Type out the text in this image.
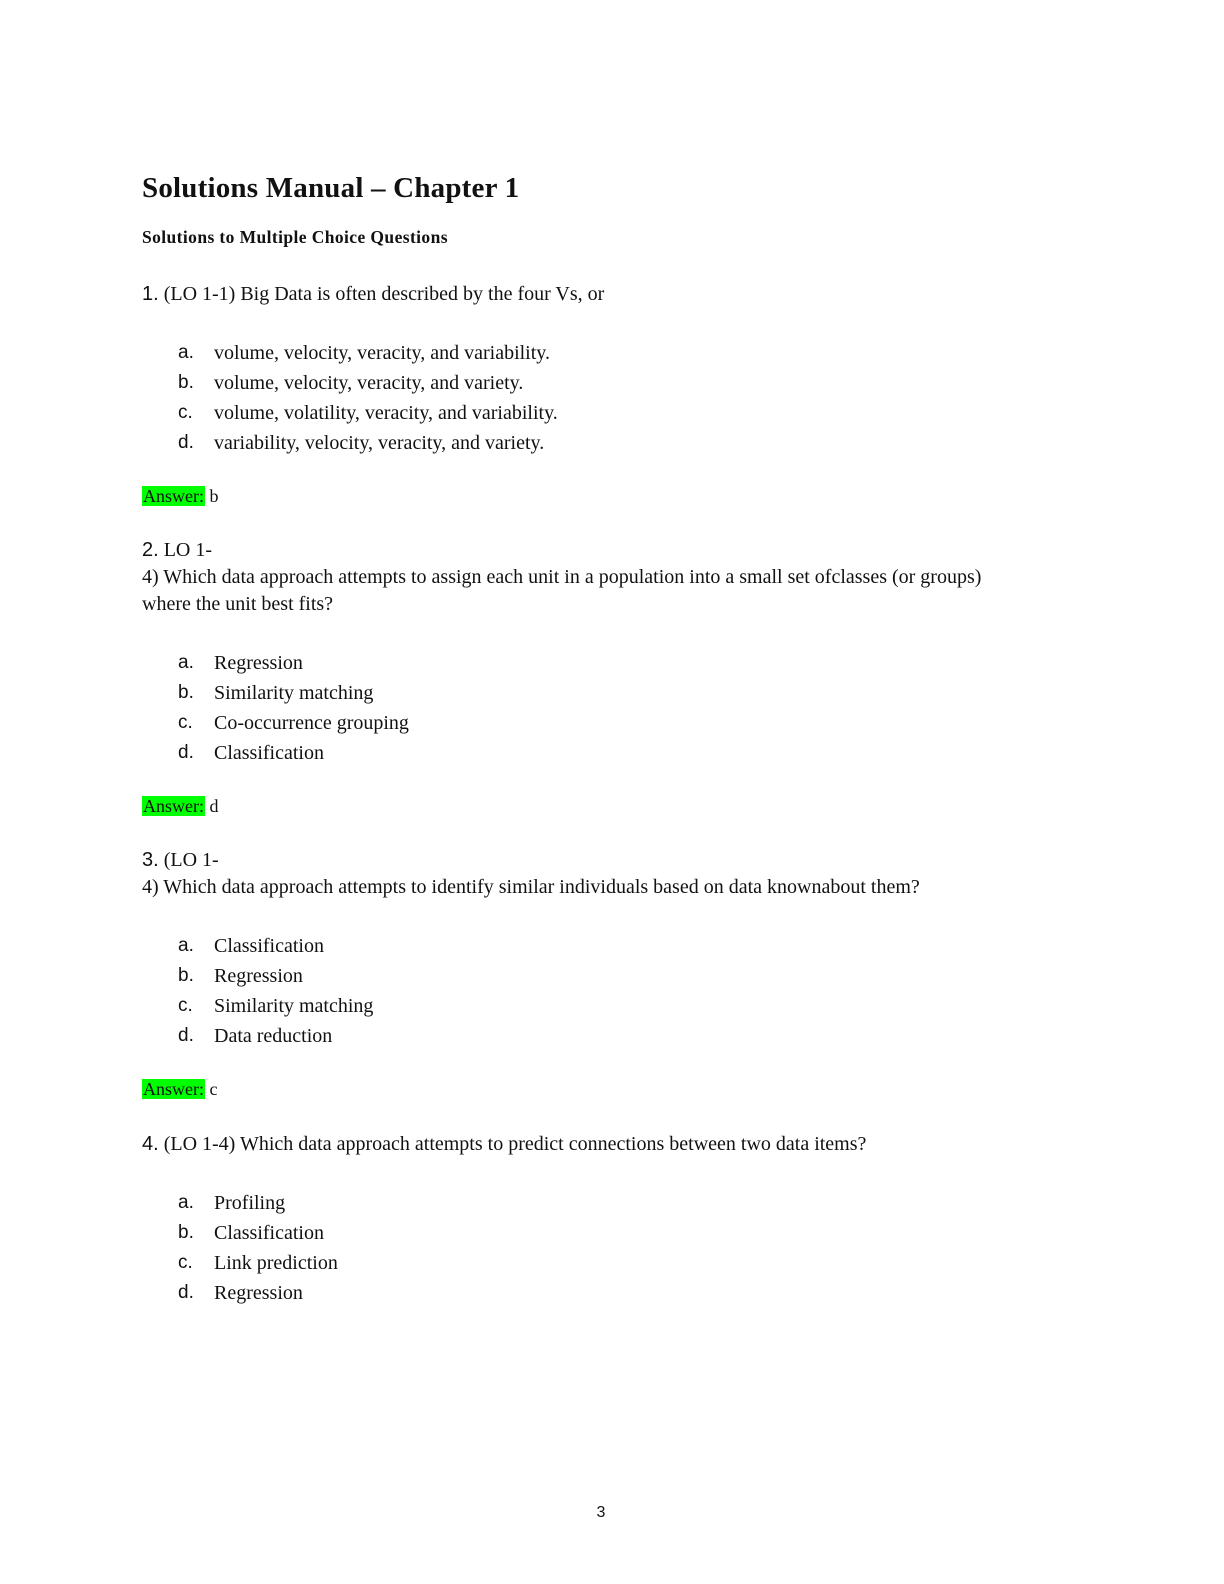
Solutions Manual – Chapter 1
Solutions to Multiple Choice Questions

1. (LO 1-1) Big Data is often described by the four Vs, or

a. volume, velocity, veracity, and variability.
b. volume, velocity, veracity, and variety.
c. volume, volatility, veracity, and variability.
d. variability, velocity, veracity, and variety.
Answer: b

2. LO 1-
4) Which data approach attempts to assign each unit in a population into a small set ofclasses (or groups)
where the unit best fits?

a. Regression
b. Similarity matching
c. Co-occurrence grouping
d. Classification
Answer: d

3. (LO 1-
4) Which data approach attempts to identify similar individuals based on data knownabout them?

a. Classification
b. Regression
c. Similarity matching
d. Data reduction
Answer: c

4. (LO 1-4) Which data approach attempts to predict connections between two data items?

a. Profiling
b. Classification
c. Link prediction
d. Regression
3
